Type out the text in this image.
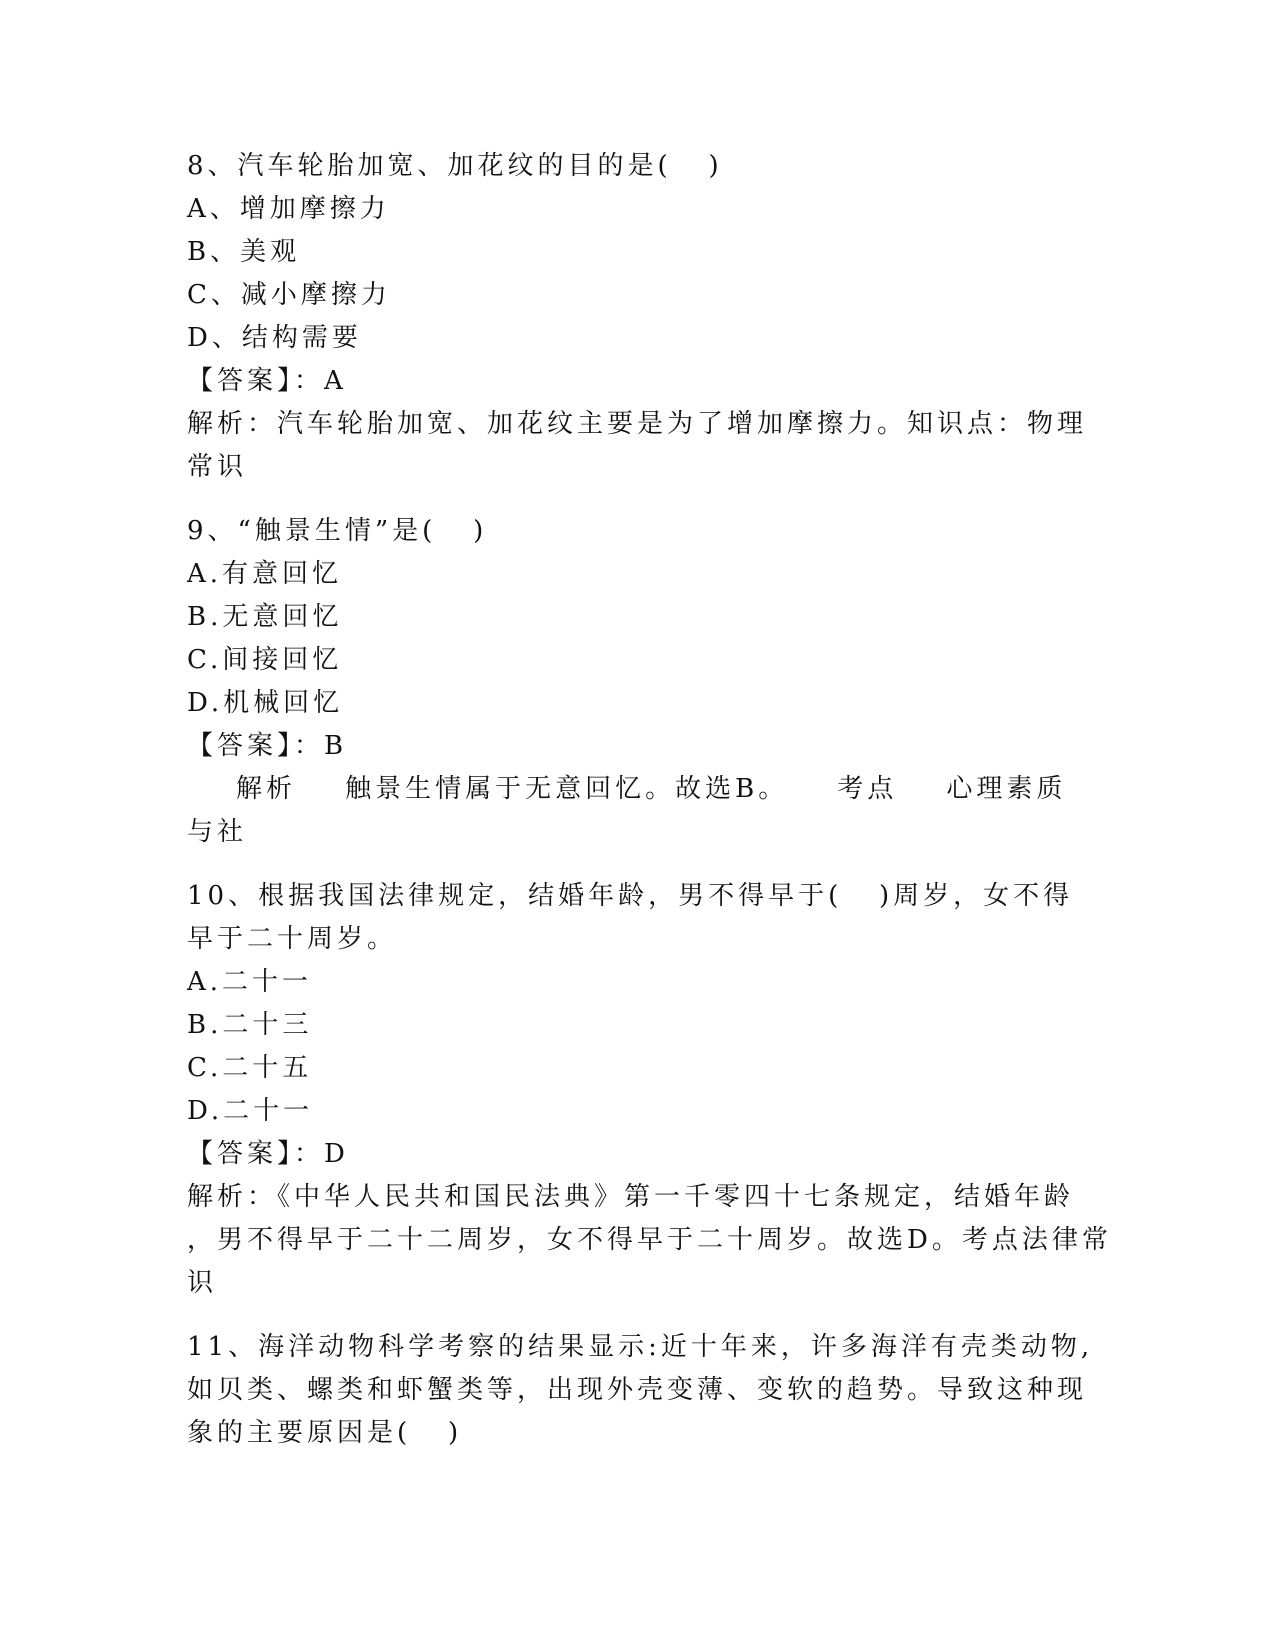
8、汽车轮胎加宽、加花纹的目的是(   )
A、增加摩擦力
B、美观
C、减小摩擦力
D、结构需要
【答案】：A
解析：汽车轮胎加宽、加花纹主要是为了增加摩擦力。知识点：物理
常识
9、“触景生情”是(   )
A.有意回忆
B.无意回忆
C.间接回忆
D.机械回忆
【答案】：B
解析    触景生情属于无意回忆。故选B。    考点    心理素质
与社
10、根据我国法律规定，结婚年龄，男不得早于(   )周岁，女不得
早于二十周岁。
A.二十一
B.二十三
C.二十五
D.二十一
【答案】：D
解析：《中华人民共和国民法典》第一千零四十七条规定，结婚年龄
，男不得早于二十二周岁，女不得早于二十周岁。故选D。考点法律常
识
11、海洋动物科学考察的结果显示:近十年来，许多海洋有壳类动物,
如贝类、螺类和虾蟹类等，出现外壳变薄、变软的趋势。导致这种现
象的主要原因是(   )
